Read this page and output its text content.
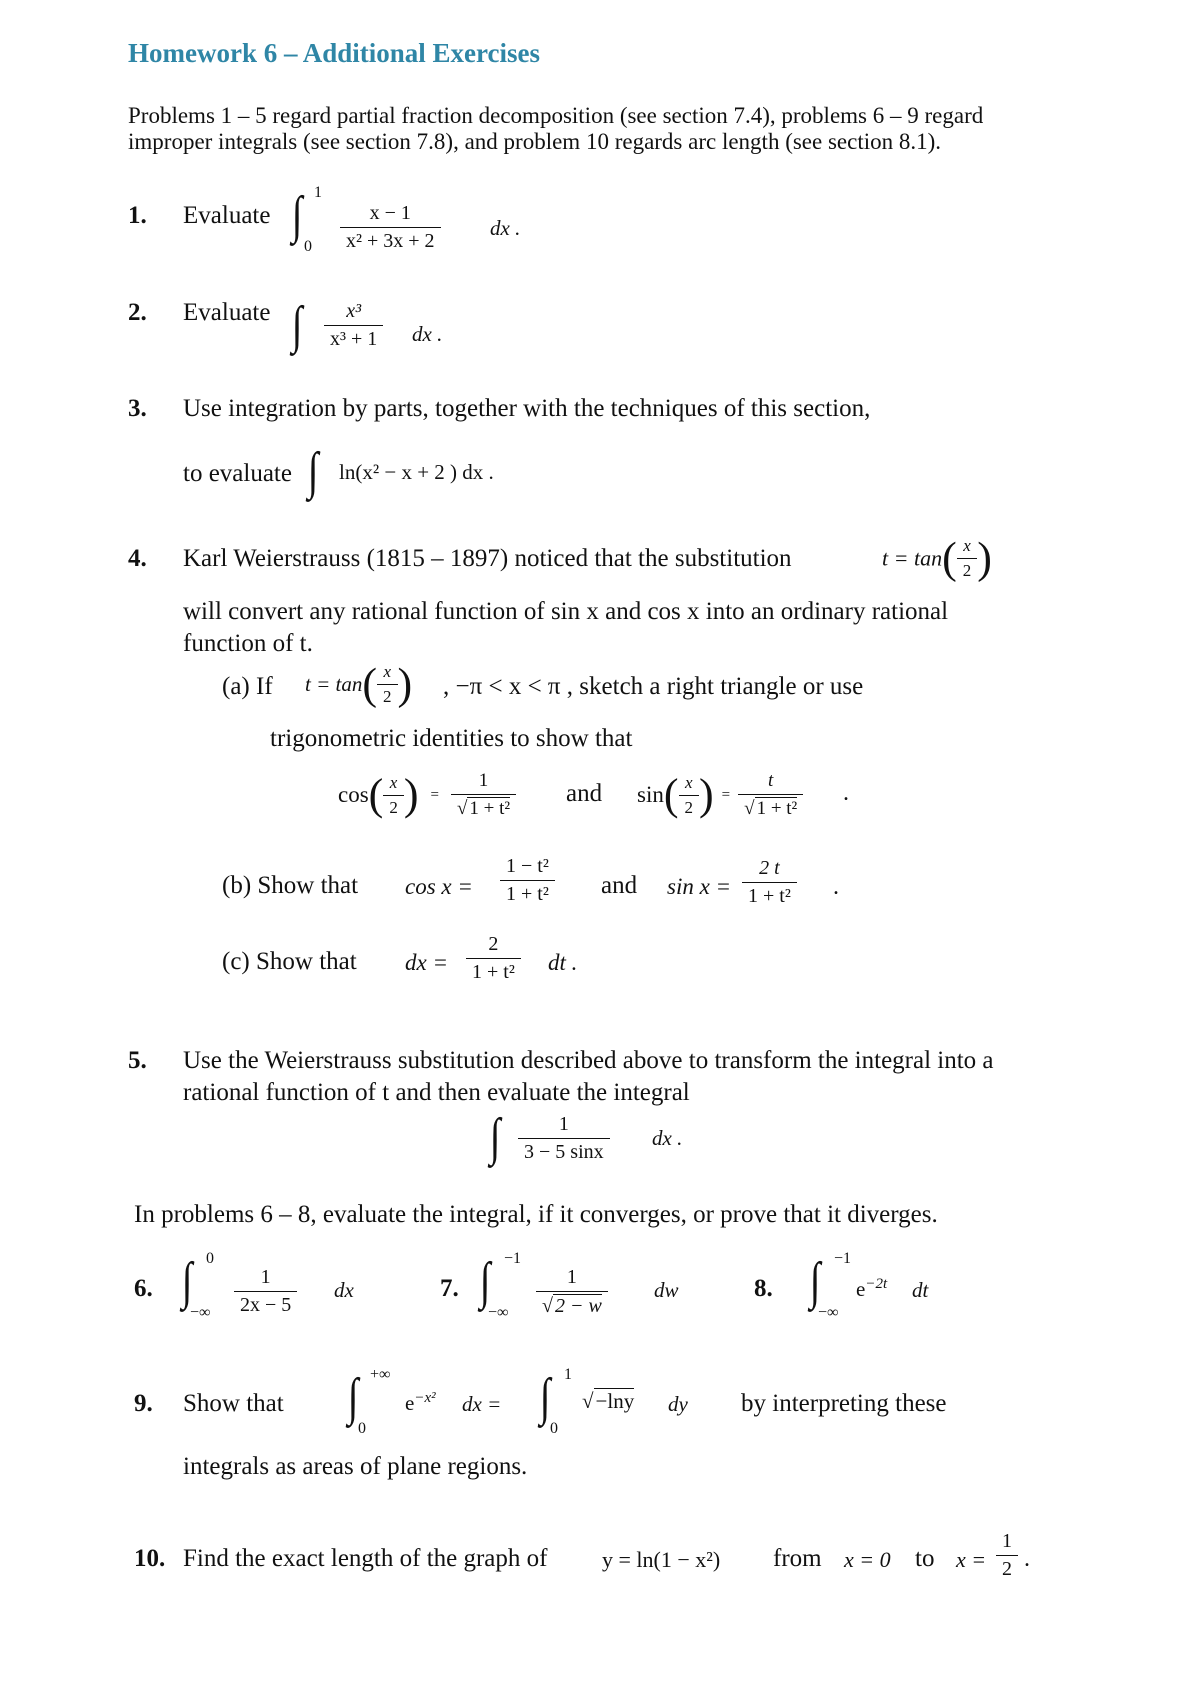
Homework 6 – Additional Exercises
Problems 1 – 5 regard partial fraction decomposition (see section 7.4), problems 6 – 9 regard
improper integrals (see section 7.8), and problem 10 regards arc length (see section 8.1).
1. Evaluate ∫ 1
$0 \frac{x - 1}{\text{x² + 3x + 2}}$ dx .
2. Evaluate ∫ $\frac{\text{x³}}{\text{x³ + 1}}$ dx .
3. Use integration by parts, together with the techniques of this section,
to evaluate ∫ ln(x² − x + 2 ) dx .
4. Karl Weierstrauss (1815 – 1897) noticed that the substitution	$t = \tan( \frac{x}{2}$ )
will convert any rational function of sin x and cos x into an ordinary rational
function of t.
(a) If $t = \tan( \frac{x}{2}$ ) , −π < x < π , sketch a right triangle or use
trigonometric identities to show that
$\cos( \frac{x}{2}$ ) = $\frac{1}{\text{√ 1 + t²}}$ and $\sin( \frac{x}{2}$ ) = $\frac{t}{\text{√ 1 + t²}}$ .
(b) Show that $\cos x = \frac{\text{1 − t²}}{\text{1 + t²}}$ and $\sin x = \frac{2 t}{\text{1 + t²}}$ .
(c) Show that dx = $\frac{2}{\text{1 + t²}}$ dt .
5. Use the Weierstrauss substitution described above to transform the integral into a
rational function of t and then evaluate the integral
∫ $\frac{1}{3 - 5 \sin x}$ dx .
In problems 6 – 8, evaluate the integral, if it converges, or prove that it diverges.
6. ∫ 0
−∞ $\frac{1}{2x - 5}$ dx	7. ∫ −1
−∞ $\frac{1}{√ 2 - w}$ dw	8. ∫ −1
−∞
$e^{-2t}$ dt
9. Show that ∫ +∞
0
$e^{-x^2}$ dx = ∫ 1
0
√−lny dy by interpreting these
integrals as areas of plane regions.
10. Find the exact length of the graph of y = ln(1 − x²) from x = 0 to $x = \frac{1}{2}$ .
